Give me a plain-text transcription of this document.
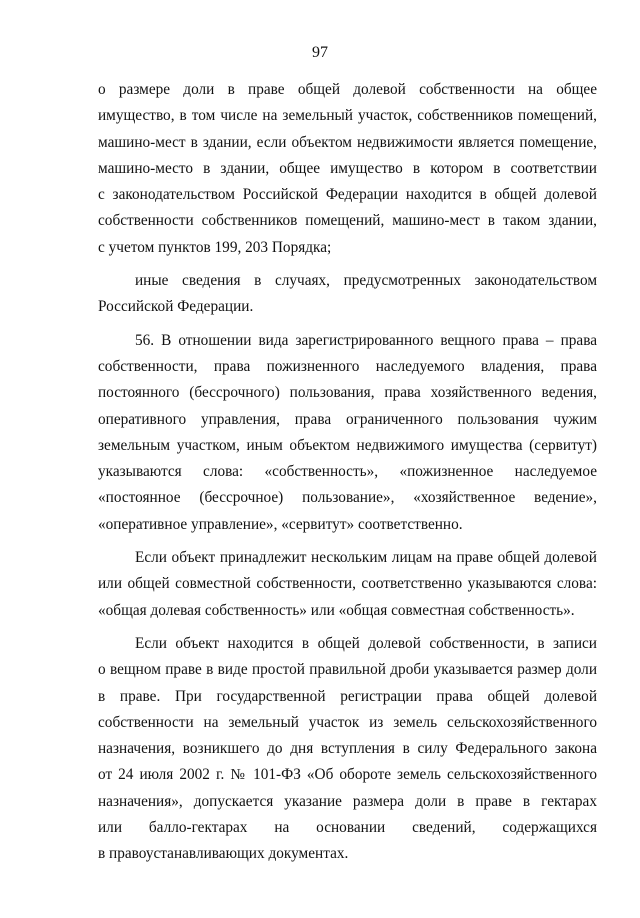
97
о размере доли в праве общей долевой собственности на общее
имущество, в том числе на земельный участок, собственников помещений,
машино-мест в здании, если объектом недвижимости является помещение,
машино-место в здании, общее имущество в котором в соответствии
с законодательством Российской Федерации находится в общей долевой
собственности собственников помещений, машино-мест в таком здании,
с учетом пунктов 199, 203 Порядка;
иные сведения в случаях, предусмотренных законодательством
Российской Федерации.
56. В отношении вида зарегистрированного вещного права – права
собственности, права пожизненного наследуемого владения, права
постоянного (бессрочного) пользования, права хозяйственного ведения,
оперативного управления, права ограниченного пользования чужим
земельным участком, иным объектом недвижимого имущества (сервитут)
указываются слова: «собственность», «пожизненное наследуемое
«постоянное (бессрочное) пользование», «хозяйственное ведение»,
«оперативное управление», «сервитут» соответственно.
Если объект принадлежит нескольким лицам на праве общей долевой
или общей совместной собственности, соответственно указываются слова:
«общая долевая собственность» или «общая совместная собственность».
Если объект находится в общей долевой собственности, в записи
о вещном праве в виде простой правильной дроби указывается размер доли
в праве. При государственной регистрации права общей долевой
собственности на земельный участок из земель сельскохозяйственного
назначения, возникшего до дня вступления в силу Федерального закона
от 24 июля 2002 г. № 101-ФЗ «Об обороте земель сельскохозяйственного
назначения», допускается указание размера доли в праве в гектарах
или балло-гектарах на основании сведений, содержащихся
в правоустанавливающих документах.
